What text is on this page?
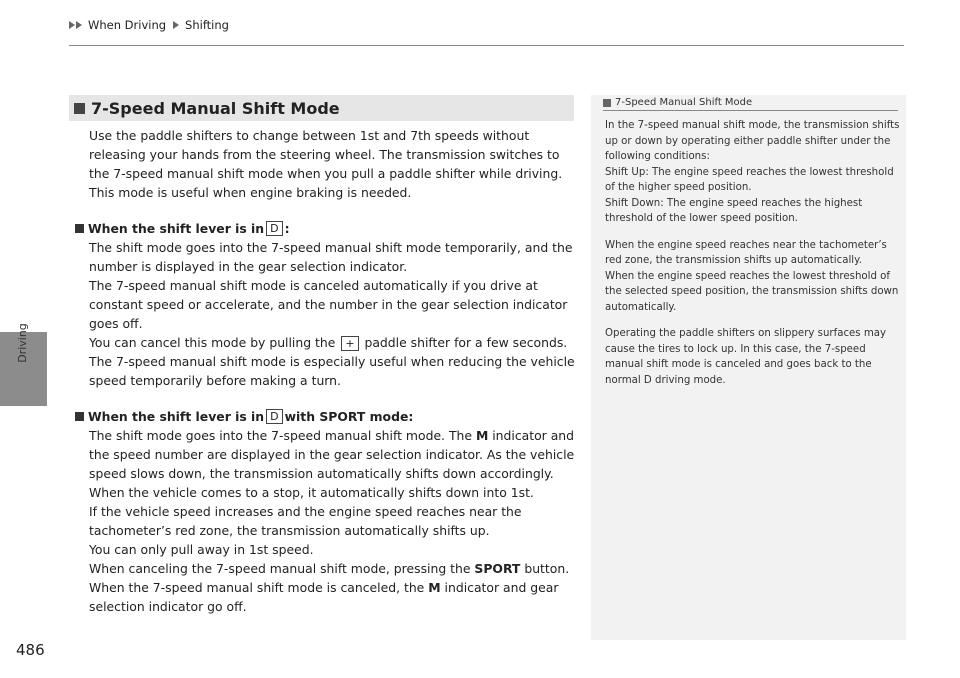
When Driving Shifting
Driving
486
7-Speed Manual Shift Mode

Use the paddle shifters to change between 1st and 7th speeds without releasing your hands from the steering wheel. The transmission switches to the 7-speed manual shift mode when you pull a paddle shifter while driving. This mode is useful when engine braking is needed.

When the shift lever is in D :

The shift mode goes into the 7-speed manual shift mode temporarily, and the number is displayed in the gear selection indicator.

The 7-speed manual shift mode is canceled automatically if you drive at constant speed or accelerate, and the number in the gear selection indicator goes off.

You can cancel this mode by pulling the + paddle shifter for a few seconds.

The 7-speed manual shift mode is especially useful when reducing the vehicle speed temporarily before making a turn.

When the shift lever is in D with SPORT mode:

The shift mode goes into the 7-speed manual shift mode. The M indicator and the speed number are displayed in the gear selection indicator. As the vehicle speed slows down, the transmission automatically shifts down accordingly. When the vehicle comes to a stop, it automatically shifts down into 1st.

If the vehicle speed increases and the engine speed reaches near the tachometer’s red zone, the transmission automatically shifts up.

You can only pull away in 1st speed.

When canceling the 7-speed manual shift mode, pressing the SPORT button. When the 7-speed manual shift mode is canceled, the M indicator and gear selection indicator go off.

7-Speed Manual Shift Mode

In the 7-speed manual shift mode, the transmission shifts up or down by operating either paddle shifter under the following conditions:

Shift Up: The engine speed reaches the lowest threshold of the higher speed position.

Shift Down: The engine speed reaches the highest threshold of the lower speed position.

When the engine speed reaches near the tachometer’s red zone, the transmission shifts up automatically.

When the engine speed reaches the lowest threshold of the selected speed position, the transmission shifts down automatically.

Operating the paddle shifters on slippery surfaces may cause the tires to lock up. In this case, the 7-speed manual shift mode is canceled and goes back to the normal D driving mode.
